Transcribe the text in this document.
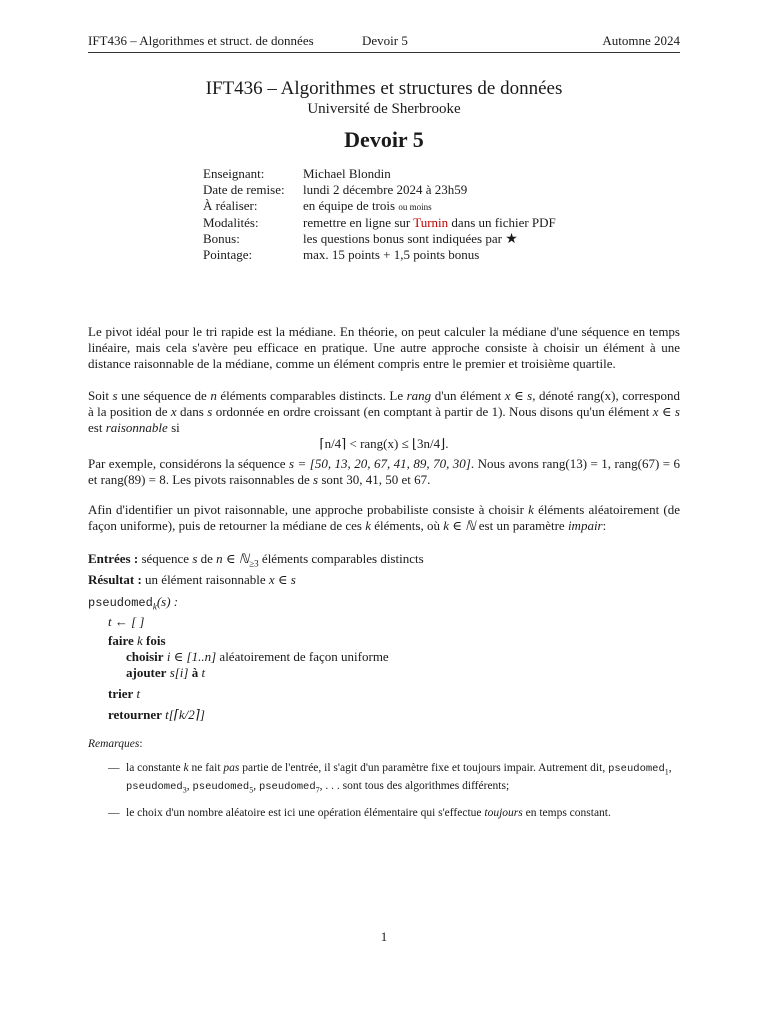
IFT436 – Algorithmes et struct. de données	Devoir 5	Automne 2024
IFT436 – Algorithmes et structures de données
Université de Sherbrooke
Devoir 5
Enseignant:	Michael Blondin
Date de remise:	lundi 2 décembre 2024 à 23h59
À réaliser:	en équipe de trois ou moins
Modalités:	remettre en ligne sur Turnin dans un fichier PDF
Bonus:	les questions bonus sont indiquées par ★
Pointage:	max. 15 points + 1,5 points bonus

Le pivot idéal pour le tri rapide est la médiane. En théorie, on peut calculer la médiane d'une séquence en temps linéaire, mais cela s'avère peu efficace en pratique. Une autre approche consiste à choisir un élément à une distance raisonnable de la médiane, comme un élément compris entre le premier et troisième quartile.

Soit s une séquence de n éléments comparables distincts. Le rang d'un élément x ∈ s, dénoté rang(x), correspond à la position de x dans s ordonnée en ordre croissant (en comptant à partir de 1). Nous disons qu'un élément x ∈ s est raisonnable si

⌈n/4⌉ < rang(x) ≤ ⌊3n/4⌋.

Par exemple, considérons la séquence s = [50, 13, 20, 67, 41, 89, 70, 30]. Nous avons rang(13) = 1, rang(67) = 6 et rang(89) = 8. Les pivots raisonnables de s sont 30, 41, 50 et 67.

Afin d'identifier un pivot raisonnable, une approche probabiliste consiste à choisir k éléments aléatoirement (de façon uniforme), puis de retourner la médiane de ces k éléments, où k ∈ ℕ est un paramètre impair:

Entrées : séquence s de n ∈ ℕ$_{\ge 3}$ éléments comparables distincts
Résultat : un élément raisonnable x ∈ s
pseudomed$_k$(s) :
t ← [ ]
faire k fois
choisir i ∈ [1..n] aléatoirement de façon uniforme
ajouter s[i] à t
trier t
retourner t[⌈k/2⌉]
Remarques:
— la constante k ne fait pas partie de l'entrée, il s'agit d'un paramètre fixe et toujours impair. Autrement dit, pseudomed$_1$, pseudomed$_3$, pseudomed$_5$, pseudomed$_7$, . . . sont tous des algorithmes différents;
— le choix d'un nombre aléatoire est ici une opération élémentaire qui s'effectue toujours en temps constant.
1
